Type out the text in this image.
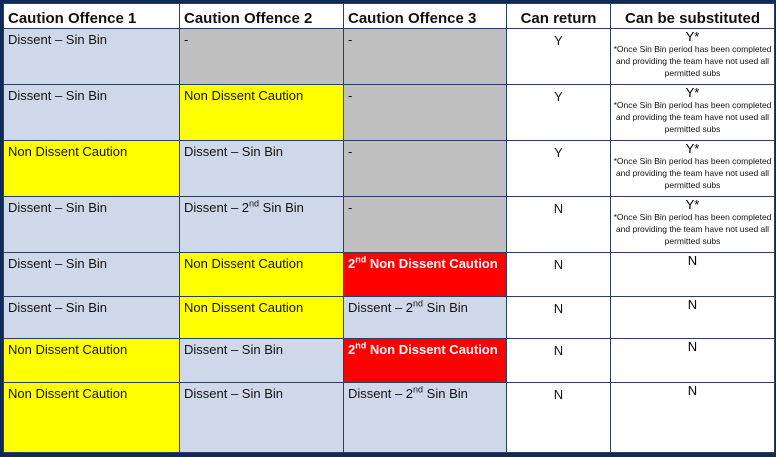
Caution Offence 1	Caution Offence 2	Caution Offence 3	Can return	Can be substituted
Dissent – Sin Bin	-	-	Y	Y*
*Once Sin Bin period has been completed and providing the team have not used all permitted subs

Dissent – Sin Bin	Non Dissent Caution	-	Y	Y*
*Once Sin Bin period has been completed and providing the team have not used all permitted subs

Non Dissent Caution	Dissent – Sin Bin	-	Y	Y*
*Once Sin Bin period has been completed and providing the team have not used all permitted subs

Dissent – Sin Bin	Dissent – 2nd Sin Bin	-	N	Y*
*Once Sin Bin period has been completed and providing the team have not used all permitted subs

Dissent – Sin Bin	Non Dissent Caution	2nd Non Dissent Caution	N	N

Dissent – Sin Bin	Non Dissent Caution	Dissent – 2nd Sin Bin	N	N

Non Dissent Caution	Dissent – Sin Bin	2nd Non Dissent Caution	N	N

Non Dissent Caution	Dissent – Sin Bin	Dissent – 2nd Sin Bin	N	N
